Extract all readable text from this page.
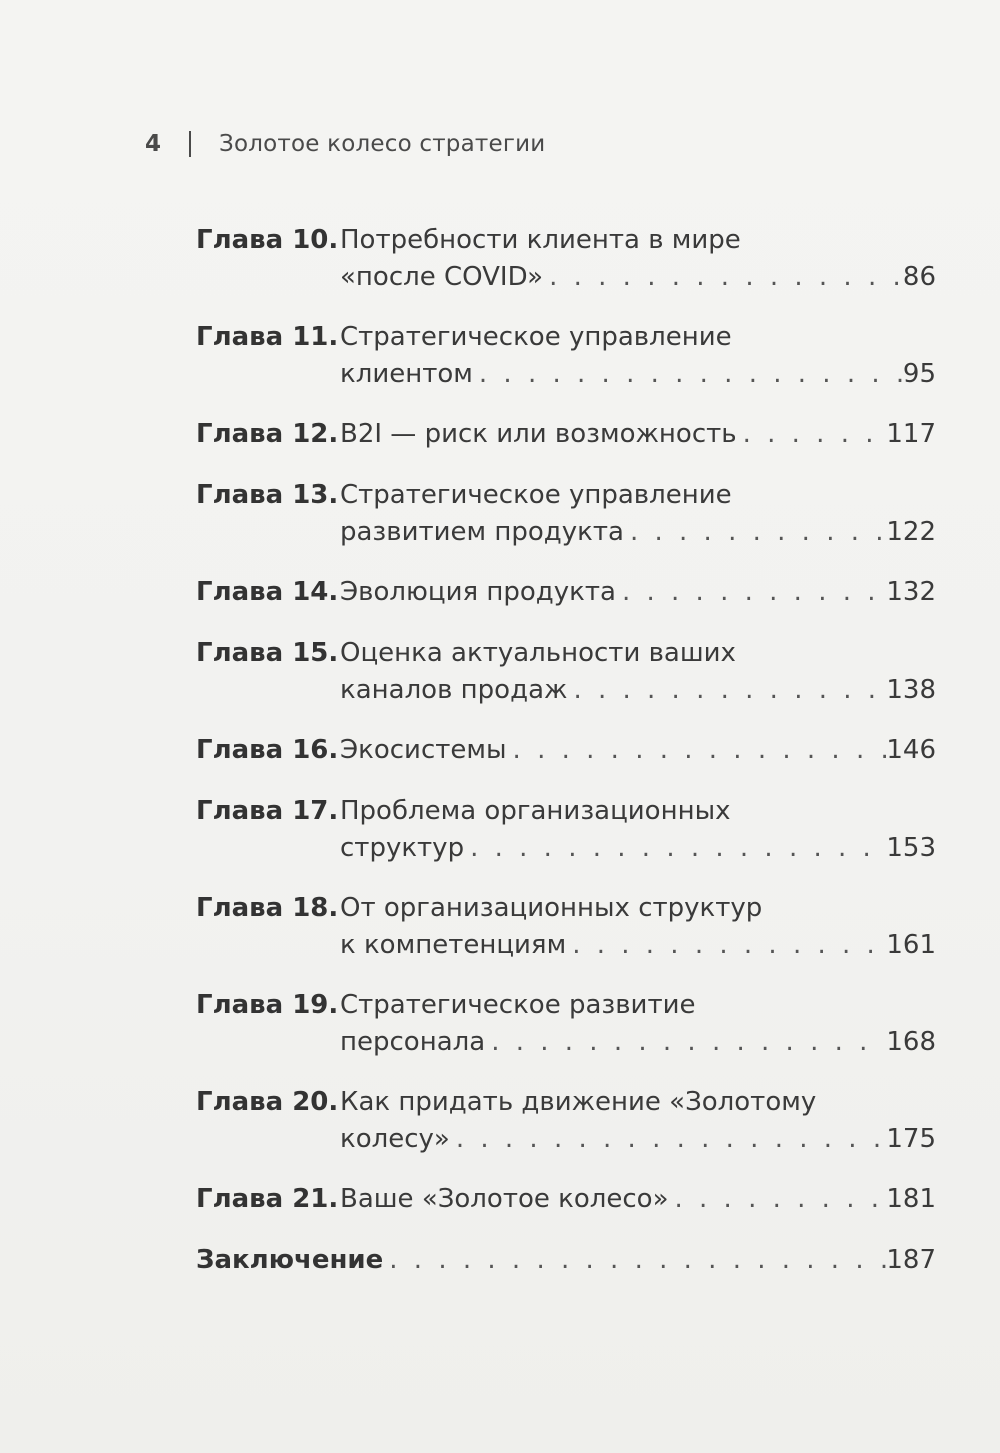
4	Золотое колесо стратегии
Глава 10. Потребности клиента в мире
«после COVID» . . .	86
Глава 11. Стратегическое управление
клиентом . . .	95
Глава 12. B2I — риск или возможность . . .	117
Глава 13. Стратегическое управление
развитием продукта . . .	122
Глава 14. Эволюция продукта . . .	132
Глава 15. Оценка актуальности ваших
каналов продаж . . .	138
Глава 16. Экосистемы . . .	146
Глава 17. Проблема организационных
структур . . .	153
Глава 18. От организационных структур
к компетенциям . . .	161
Глава 19. Стратегическое развитие
персонала . . .	168
Глава 20. Как придать движение «Золотому
колесу» . . .	175
Глава 21. Ваше «Золотое колесо» . . .	181
Заключение . . .	187
